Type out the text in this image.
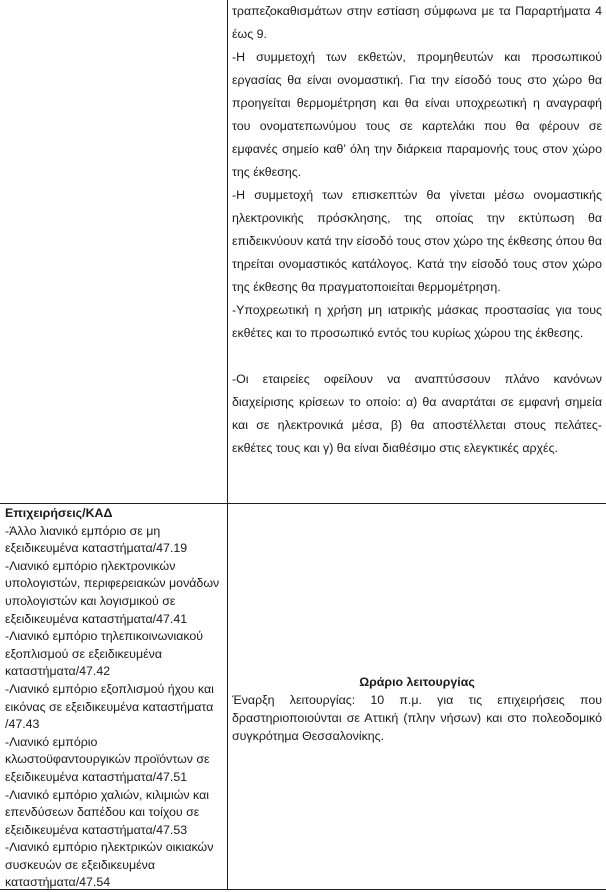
τραπεζοκαθισμάτων στην εστίαση σύμφωνα με τα Παραρτήματα 4 έως 9.

-Η συμμετοχή των εκθετών, προμηθευτών και προσωπικού εργασίας θα είναι ονομαστική. Για την είσοδό τους στο χώρο θα προηγείται θερμομέτρηση και θα είναι υποχρεωτική η αναγραφή του ονοματεπωνύμου τους σε καρτελάκι που θα φέρουν σε εμφανές σημείο καθ’ όλη την διάρκεια παραμονής τους στον χώρο της έκθεσης.

-Η συμμετοχή των επισκεπτών θα γίνεται μέσω ονομαστικής ηλεκτρονικής πρόσκλησης, της οποίας την εκτύπωση θα επιδεικνύουν κατά την είσοδό τους στον χώρο της έκθεσης όπου θα τηρείται ονομαστικός κατάλογος. Κατά την είσοδό τους στον χώρο της έκθεσης θα πραγματοποιείται θερμομέτρηση.

-Υποχρεωτική η χρήση μη ιατρικής μάσκας προστασίας για τους εκθέτες και το προσωπικό εντός του κυρίως χώρου της έκθεσης.

-Οι εταιρείες οφείλουν να αναπτύσσουν πλάνο κανόνων διαχείρισης κρίσεων το οποίο: α) θα αναρτάται σε εμφανή σημεία και σε ηλεκτρονικά μέσα, β) θα αποστέλλεται στους πελάτες-εκθέτες τους και γ) θα είναι διαθέσιμο στις ελεγκτικές αρχές.

Επιχειρήσεις/ΚΑΔ

-Άλλο λιανικό εμπόριο σε μη εξειδικευμένα καταστήματα/47.19

-Λιανικό εμπόριο ηλεκτρονικών υπολογιστών, περιφερειακών μονάδων υπολογιστών και λογισμικού σε εξειδικευμένα καταστήματα/47.41

-Λιανικό εμπόριο τηλεπικοινωνιακού εξοπλισμού σε εξειδικευμένα καταστήματα/47.42

-Λιανικό εμπόριο εξοπλισμού ήχου και εικόνας σε εξειδικευμένα καταστήματα /47.43

-Λιανικό εμπόριο κλωστοϋφαντουργικών προϊόντων σε εξειδικευμένα καταστήματα/47.51

-Λιανικό εμπόριο χαλιών, κιλιμιών και επενδύσεων δαπέδου και τοίχου σε εξειδικευμένα καταστήματα/47.53

-Λιανικό εμπόριο ηλεκτρικών οικιακών συσκευών σε εξειδικευμένα καταστήματα/47.54

Ωράριο λειτουργίας

Έναρξη λειτουργίας: 10 π.μ. για τις επιχειρήσεις που δραστηριοποιούνται σε Αττική (πλην νήσων) και στο πολεοδομικό συγκρότημα Θεσσαλονίκης.
